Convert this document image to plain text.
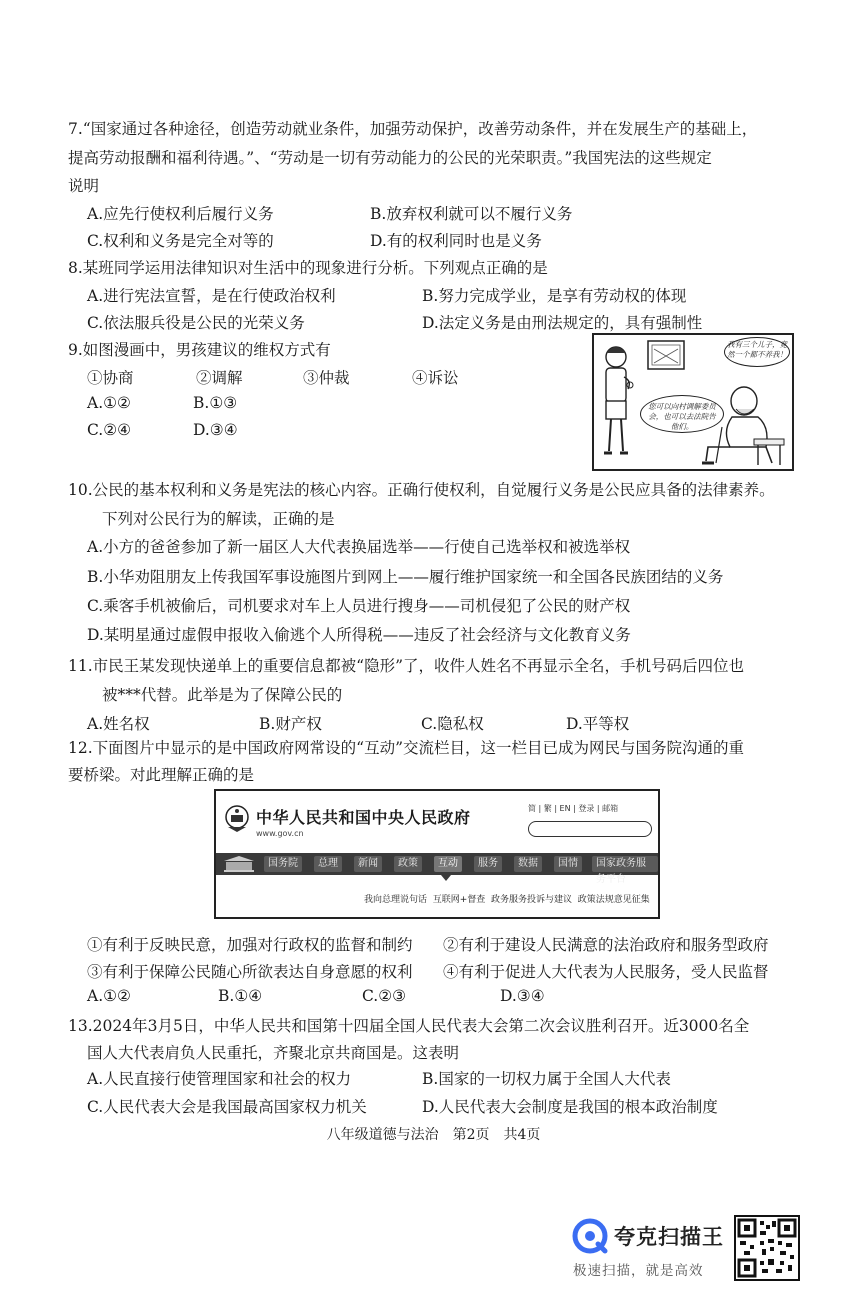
7.“国家通过各种途径，创造劳动就业条件，加强劳动保护，改善劳动条件，并在发展生产的基础上，
提高劳动报酬和福利待遇。”、“劳动是一切有劳动能力的公民的光荣职责。”我国宪法的这些规定
说明
A.应先行使权利后履行义务	B.放弃权利就可以不履行义务
C.权利和义务是完全对等的	D.有的权利同时也是义务
8.某班同学运用法律知识对生活中的现象进行分析。下列观点正确的是
A.进行宪法宣誓，是在行使政治权利	B.努力完成学业，是享有劳动权的体现
C.依法服兵役是公民的光荣义务	D.法定义务是由刑法规定的，具有强制性
9.如图漫画中，男孩建议的维权方式有
①协商	②调解	③仲裁	④诉讼
A.①②	B.①③
C.②④	D.③④
我有三个儿子，竟然一个都不养我！
您可以向村调解委员会，也可以去法院告他们。
10.公民的基本权利和义务是宪法的核心内容。正确行使权利，自觉履行义务是公民应具备的法律素养。
下列对公民行为的解读，正确的是
A.小方的爸爸参加了新一届区人大代表换届选举——行使自己选举权和被选举权
B.小华劝阻朋友上传我国军事设施图片到网上——履行维护国家统一和全国各民族团结的义务
C.乘客手机被偷后，司机要求对车上人员进行搜身——司机侵犯了公民的财产权
D.某明星通过虚假申报收入偷逃个人所得税——违反了社会经济与文化教育义务
11.市民王某发现快递单上的重要信息都被“隐形”了，收件人姓名不再显示全名，手机号码后四位也
被***代替。此举是为了保障公民的
A.姓名权	B.财产权	C.隐私权	D.平等权
12.下面图片中显示的是中国政府网常设的“互动”交流栏目，这一栏目已成为网民与国务院沟通的重
要桥梁。对此理解正确的是
中华人民共和国中央人民政府
www.gov.cn
简 | 繁 | EN | 登录 | 邮箱
国务院	总理	新闻	政策	互动	服务	数据	国情	国家政务服务平台
我向总理说句话 互联网+督查 政务服务投诉与建议 政策法规意见征集
①有利于反映民意，加强对行政权的监督和制约 ②有利于建设人民满意的法治政府和服务型政府
③有利于保障公民随心所欲表达自身意愿的权利 ④有利于促进人大代表为人民服务，受人民监督
A.①②	B.①④	C.②③	D.③④
13.2024年3月5日，中华人民共和国第十四届全国人民代表大会第二次会议胜利召开。近3000名全
国人大代表肩负人民重托，齐聚北京共商国是。这表明
A.人民直接行使管理国家和社会的权力	B.国家的一切权力属于全国人大代表
C.人民代表大会是我国最高国家权力机关	D.人民代表大会制度是我国的根本政治制度
八年级道德与法治　第2页　共4页
夸克扫描王
极速扫描，就是高效
